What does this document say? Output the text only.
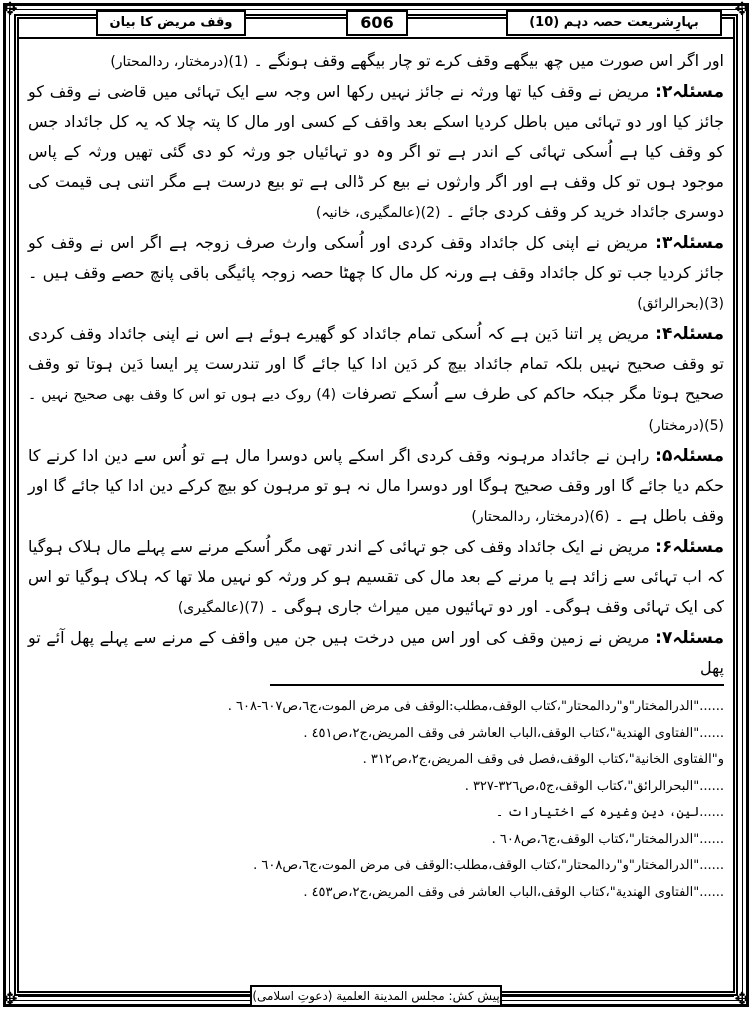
✥	✥
✥	✥
وقف مریض کا بیان	606	بہارِشریعت حصہ دہم (10)

اور اگر اس صورت میں چھ بیگھے وقف کرے تو چار بیگھے وقف ہونگے ۔ (1)(درمختار، ردالمحتار)

مسئلہ۲: مریض نے وقف کیا تھا ورثہ نے جائز نہیں رکھا اس وجہ سے ایک تہائی میں قاضی نے وقف کو جائز کیا اور دو تہائی میں باطل کردیا اسکے بعد واقف کے کسی اور مال کا پتہ چلا کہ یہ کل جائداد جس کو وقف کیا ہے اُسکی تہائی کے اندر ہے تو اگر وہ دو تہائیاں جو ورثہ کو دی گئی تھیں ورثہ کے پاس موجود ہوں تو کل وقف ہے اور اگر وارثوں نے بیع کر ڈالی ہے تو بیع درست ہے مگر اتنی ہی قیمت کی دوسری جائداد خرید کر وقف کردی جائے ۔ (2)(عالمگیری، خانیہ)

مسئلہ۳: مریض نے اپنی کل جائداد وقف کردی اور اُسکی وارث صرف زوجہ ہے اگر اس نے وقف کو جائز کردیا جب تو کل جائداد وقف ہے ورنہ کل مال کا چھٹا حصہ زوجہ پائیگی باقی پانچ حصے وقف ہیں ۔ (3)(بحرالرائق)

مسئلہ۴: مریض پر اتنا دَین ہے کہ اُسکی تمام جائداد کو گھیرے ہوئے ہے اس نے اپنی جائداد وقف کردی تو وقف صحیح نہیں بلکہ تمام جائداد بیچ کر دَین ادا کیا جائے گا اور تندرست پر ایسا دَین ہوتا تو وقف صحیح ہوتا مگر جبکہ حاکم کی طرف سے اُسکے تصرفات (4) روک دیے ہوں تو اس کا وقف بھی صحیح نہیں ۔ (5)(درمختار)

مسئلہ۵: راہن نے جائداد مرہونہ وقف کردی اگر اسکے پاس دوسرا مال ہے تو اُس سے دین ادا کرنے کا حکم دیا جائے گا اور وقف صحیح ہوگا اور دوسرا مال نہ ہو تو مرہون کو بیچ کرکے دین ادا کیا جائے گا اور وقف باطل ہے ۔ (6)(درمختار، ردالمحتار)

مسئلہ۶: مریض نے ایک جائداد وقف کی جو تہائی کے اندر تھی مگر اُسکے مرنے سے پہلے مال ہلاک ہوگیا کہ اب تہائی سے زائد ہے یا مرنے کے بعد مال کی تقسیم ہو کر ورثہ کو نہیں ملا تھا کہ ہلاک ہوگیا تو اس کی ایک تہائی وقف ہوگی۔ اور دو تہائیوں میں میراث جاری ہوگی ۔ (7)(عالمگیری)

مسئلہ۷: مریض نے زمین وقف کی اور اس میں درخت ہیں جن میں واقف کے مرنے سے پہلے پھل آئے تو پھل

......"الدرالمختار"و"ردالمحتار"،كتاب الوقف،مطلب:الوقف فى مرض الموت،ج٦،ص٦٠٧-٦٠٨ .
......"الفتاوى الهندية"،كتاب الوقف،الباب العاشر فى وقف المريض،ج٢،ص٤٥١ .
و"الفتاوى الخانية"،كتاب الوقف،فصل فى وقف المريض،ج٢،ص٣١٢ .
......"البحرالرائق"،كتاب الوقف،ج٥،ص٣٢٦-٣٢٧ .
......لین، دین وغیرہ کے اختیارات ۔
......"الدرالمختار"،كتاب الوقف،ج٦،ص٦٠٨ .
......"الدرالمختار"و"ردالمحتار"،كتاب الوقف،مطلب:الوقف فى مرض الموت،ج٦،ص٦٠٨ .
......"الفتاوى الهندية"،كتاب الوقف،الباب العاشر فى وقف المريض،ج٢،ص٤٥٣ .
پیش کش: مجلس المدينة العلمية (دعوتِ اسلامی)
